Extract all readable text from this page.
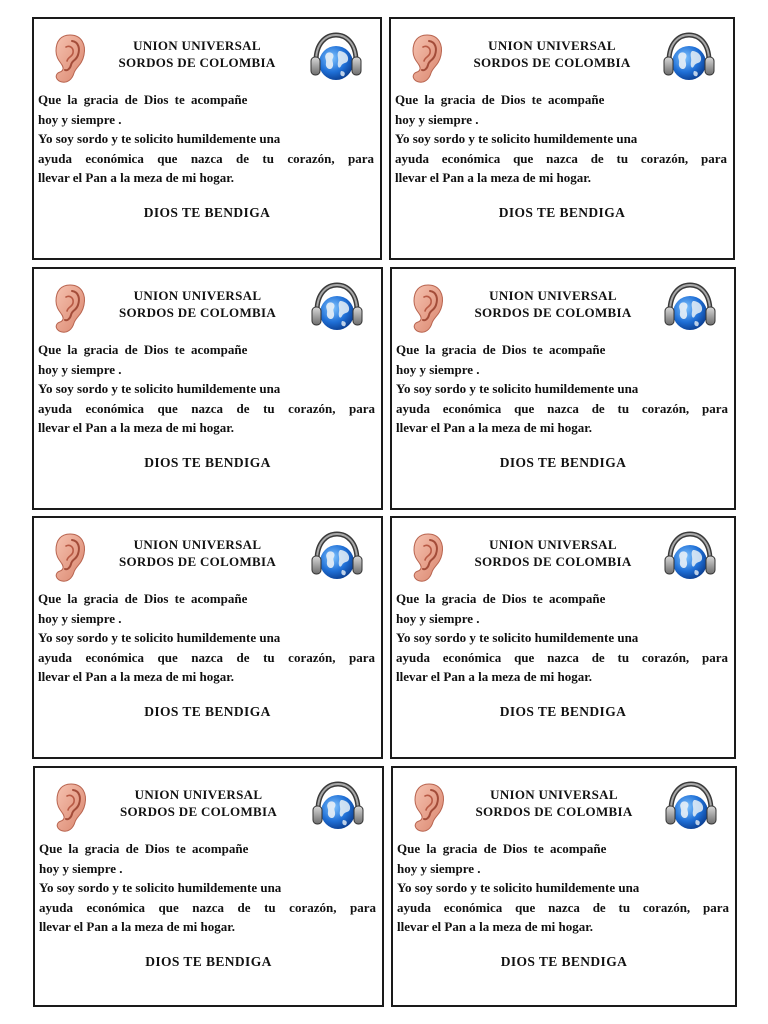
UNION UNIVERSAL
SORDOS DE COLOMBIA
Que la gracia de Dios te acompañe
hoy y siempre .
Yo soy sordo y te solicito humildemente una
ayuda económica que nazca de tu corazón, para
llevar el Pan a la meza de mi hogar.
DIOS TE BENDIGA
UNION UNIVERSAL
SORDOS DE COLOMBIA
Que la gracia de Dios te acompañe
hoy y siempre .
Yo soy sordo y te solicito humildemente una
ayuda económica que nazca de tu corazón, para
llevar el Pan a la meza de mi hogar.
DIOS TE BENDIGA
UNION UNIVERSAL
SORDOS DE COLOMBIA
Que la gracia de Dios te acompañe
hoy y siempre .
Yo soy sordo y te solicito humildemente una
ayuda económica que nazca de tu corazón, para
llevar el Pan a la meza de mi hogar.
DIOS TE BENDIGA
UNION UNIVERSAL
SORDOS DE COLOMBIA
Que la gracia de Dios te acompañe
hoy y siempre .
Yo soy sordo y te solicito humildemente una
ayuda económica que nazca de tu corazón, para
llevar el Pan a la meza de mi hogar.
DIOS TE BENDIGA
UNION UNIVERSAL
SORDOS DE COLOMBIA
Que la gracia de Dios te acompañe
hoy y siempre .
Yo soy sordo y te solicito humildemente una
ayuda económica que nazca de tu corazón, para
llevar el Pan a la meza de mi hogar.
DIOS TE BENDIGA
UNION UNIVERSAL
SORDOS DE COLOMBIA
Que la gracia de Dios te acompañe
hoy y siempre .
Yo soy sordo y te solicito humildemente una
ayuda económica que nazca de tu corazón, para
llevar el Pan a la meza de mi hogar.
DIOS TE BENDIGA
UNION UNIVERSAL
SORDOS DE COLOMBIA
Que la gracia de Dios te acompañe
hoy y siempre .
Yo soy sordo y te solicito humildemente una
ayuda económica que nazca de tu corazón, para
llevar el Pan a la meza de mi hogar.
DIOS TE BENDIGA
UNION UNIVERSAL
SORDOS DE COLOMBIA
Que la gracia de Dios te acompañe
hoy y siempre .
Yo soy sordo y te solicito humildemente una
ayuda económica que nazca de tu corazón, para
llevar el Pan a la meza de mi hogar.
DIOS TE BENDIGA
